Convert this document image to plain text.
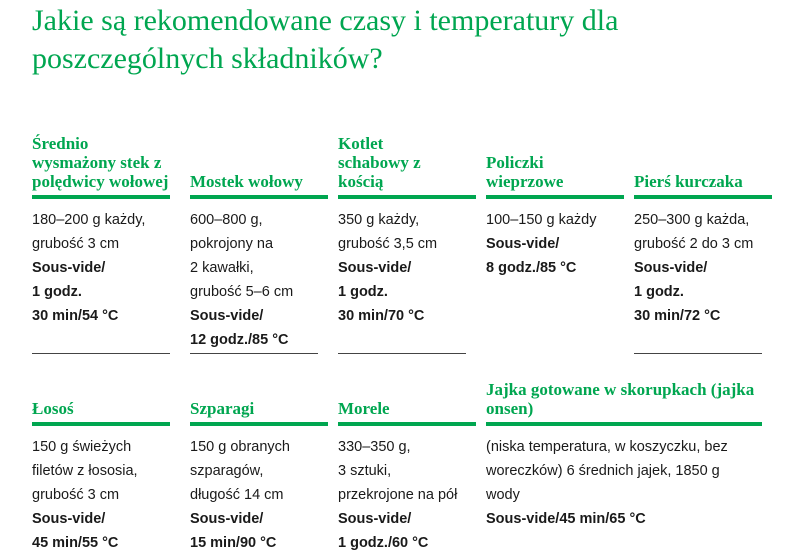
Jakie są rekomendowane czasy i temperatury dla poszczególnych składników?
Średnio wysmażony stek z polędwicy wołowej

180–200 g każdy,
grubość 3 cm

Sous-vide/
1 godz.
30 min/54 °C

Mostek wołowy

600–800 g,
pokrojony na
2 kawałki,
grubość 5–6 cm

Sous-vide/
12 godz./85 °C

Kotlet schabowy z kością

350 g każdy,
grubość 3,5 cm

Sous-vide/
1 godz.
30 min/70 °C

Policzki wieprzowe

100–150 g każdy

Sous-vide/
8 godz./85 °C

Pierś kurczaka

250–300 g każda,
grubość 2 do 3 cm

Sous-vide/
1 godz.
30 min/72 °C

Łosoś

150 g świeżych
filetów z łososia,
grubość 3 cm

Sous-vide/
45 min/55 °C

Szparagi

150 g obranych
szparagów,
długość 14 cm

Sous-vide/
15 min/90 °C

Morele

330–350 g,
3 sztuki,
przekrojone na pół

Sous-vide/
1 godz./60 °C

Jajka gotowane w skorupkach (jajka onsen)

(niska temperatura, w koszyczku, bez
woreczków) 6 średnich jajek, 1850 g
wody

Sous-vide/45 min/65 °C
